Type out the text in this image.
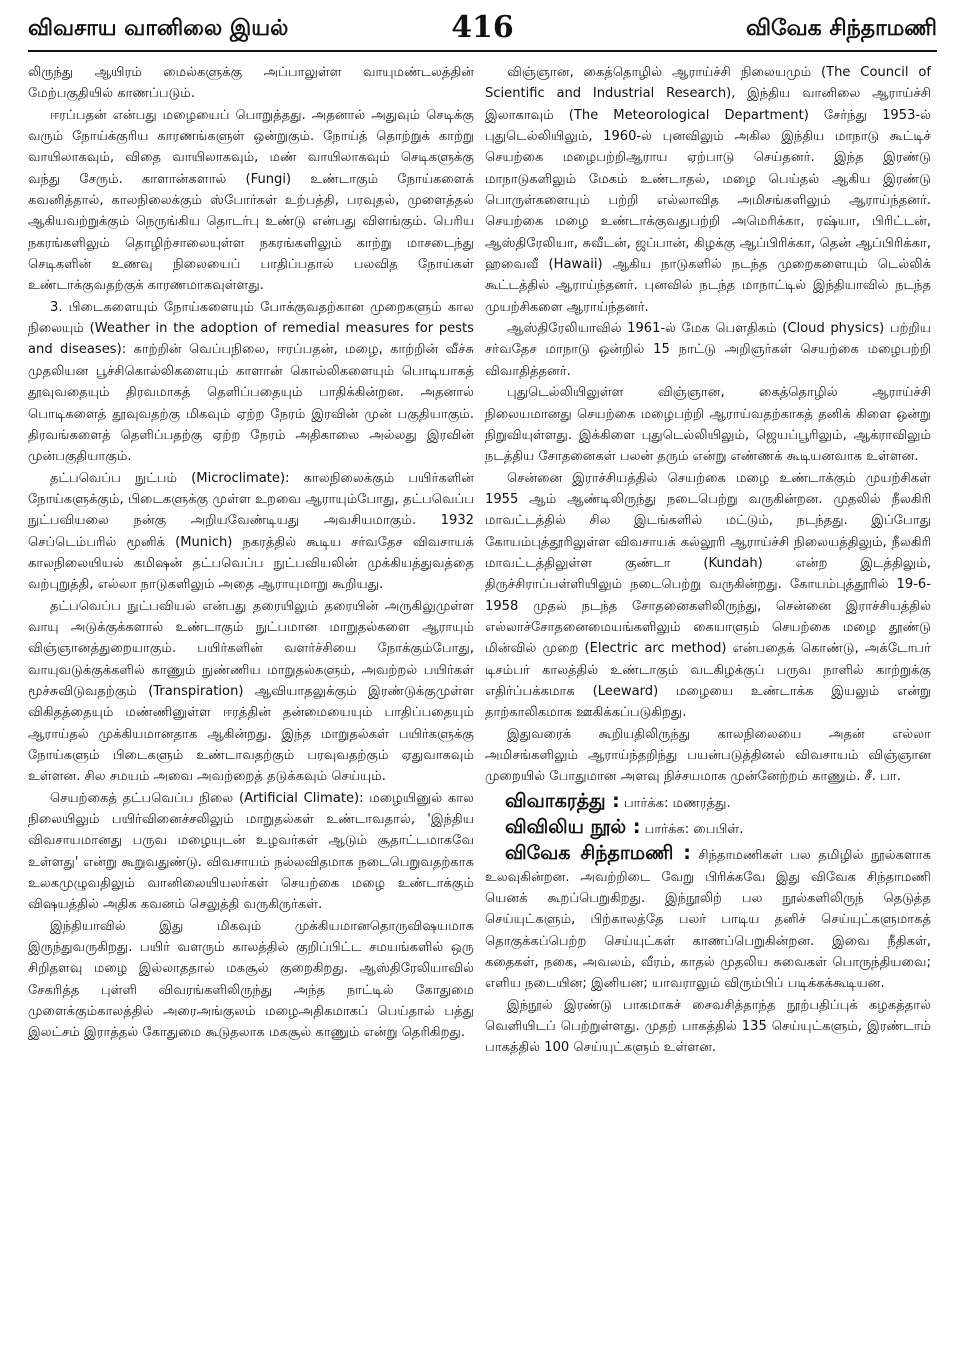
விவசாய வானிலை இயல்	416	விவேக சிந்தாமணி

லிருந்து ஆயிரம் மைல்களுக்கு அப்பாலுள்ள வாயுமண்டலத்தின் மேற்பகுதியில் காணப்படும்.

ஈரப்பதன் என்பது மழையைப் பொறுத்தது. அதனால் அதுவும் செடிக்கு வரும் நோய்க்குரிய காரணங்களுள் ஒன்றுகும். நோய்த் தொற்றுக் காற்று வாயிலாகவும், விதை வாயிலாகவும், மண் வாயிலாகவும் செடிகளுக்கு வந்து சேரும். காளான்களால் (Fungi) உண்டாகும் நோய்களைக் கவனித்தால், காலநிலைக்கும் ஸ்போர்கள் உற்பத்தி, பரவுதல், முளைத்தல் ஆகியவற்றுக்கும் நெருங்கிய தொடர்பு உண்டு என்பது விளங்கும். பெரிய நகரங்களிலும் தொழிற்சாலையுள்ள நகரங்களிலும் காற்று மாசடைந்து செடிகளின் உணவு நிலையைப் பாதிப்பதால் பலவித நோய்கள் உண்டாக்குவதற்குக் காரணமாகவுள்ளது.

3. பிடைகளையும் நோய்களையும் போக்குவதற்கான முறைகளும் கால நிலையும் (Weather in the adoption of remedial measures for pests and diseases): காற்றின் வெப்பநிலை, ஈரப்பதன், மழை, காற்றின் வீச்சு முதலியன பூச்சிகொல்லிகளையும் காளான் கொல்லிகளையும் பொடியாகத் தூவுவதையும் திரவமாகத் தெளிப்பதையும் பாதிக்கின்றன. அதனால் பொடிகளைத் தூவுவதற்கு மிகவும் ஏற்ற நேரம் இரவின் முன் பகுதியாகும். திரவங்களைத் தெளிப்பதற்கு ஏற்ற நேரம் அதிகாலை அல்லது இரவின் முன்பகுதியாகும்.

தட்பவெப்ப நுட்பம் (Microclimate): காலநிலைக்கும் பயிர்களின் நோய்களுக்கும், பிடைகளுக்கு முள்ள உறவை ஆராயும்போது, தட்பவெப்ப நுட்பவியலை நன்கு அறியவேண்டியது அவசியமாகும். 1932 செப்டெம்பரில் மூனிக் (Munich) நகரத்தில் கூடிய சர்வதேச விவசாயக் காலநிலையியல் கமிஷன் தட்பவெப்ப நுட்பவியலின் முக்கியத்துவத்தை வற்புறுத்தி, எல்லா நாடுகளிலும் அதை ஆராயுமாறு கூறியது.

தட்பவெப்ப நுட்பவியல் என்பது தரையிலும் தரையின் அருகிலுமுள்ள வாயு அடுக்குக்களால் உண்டாகும் நுட்பமான மாறுதல்களை ஆராயும் விஞ்ஞானத்துறையாகும். பயிர்களின் வளர்ச்சியை நோக்கும்போது, வாயுவடுக்குக்களில் காணும் நுண்ணிய மாறுதல்களும், அவற்றல் பயிர்கள் மூச்சுவிடுவதற்கும் (Transpiration) ஆவியாதலுக்கும் இரண்டுக்குமுள்ள விகிதத்தையும் மண்ணினுள்ள ஈரத்தின் தன்மையையும் பாதிப்பதையும் ஆராய்தல் முக்கியமானதாக ஆகின்றது. இந்த மாறுதல்கள் பயிர்களுக்கு நோய்களும் பிடைகளும் உண்டாவதற்கும் பரவுவதற்கும் ஏதுவாகவும் உள்ளன. சில சமயம் அவை அவற்றைத் தடுக்கவும் செய்யும்.

செயற்கைத் தட்பவெப்ப நிலை (Artificial Climate): மழையினுல் கால நிலையிலும் பயிர்வினைச்சலிலும் மாறுதல்கள் உண்டாவதால், 'இந்திய விவசாயமானது பருவ மழையுடன் உழவர்கள் ஆடும் சூதாட்டமாகவே உள்ளது' என்று கூறுவதுண்டு. விவசாயம் நல்லவிதமாக நடைபெறுவதற்காக உலகமுழுவதிலும் வானிலையியலர்கள் செயற்கை மழை உண்டாக்கும் விஷயத்தில் அதிக கவனம் செலுத்தி வருகிருர்கள்.

இந்தியாவில் இது மிகவும் முக்கியமானதொருவிஷயமாக இருந்துவருகிறது. பயிர் வளரும் காலத்தில் குறிப்பிட்ட சமயங்களில் ஒரு சிறிதளவு மழை இல்லாததால் மகசூல் குறைகிறது. ஆஸ்திரேலியாவில் சேகரித்த புள்ளி விவரங்களிலிருந்து அந்த நாட்டில் கோதுமை முளைக்கும்காலத்தில் அரைஅங்குலம் மழைஅதிகமாகப் பெய்தால் பத்து இலட்சம் இராத்தல் கோதுமை கூடுதலாக மகசூல் காணும் என்று தெரிகிறது.

விஞ்ஞான, கைத்தொழில் ஆராய்ச்சி நிலையமும் (The Council of Scientific and Industrial Research), இந்திய வானிலை ஆராய்ச்சி இலாகாவும் (The Meteorological Department) சேர்ந்து 1953-ல் புதுடெல்லியிலும், 1960-ல் புனவிலும் அகில இந்திய மாநாடு கூட்டிச் செயற்கை மழைபற்றிஆராய ஏற்பாடு செய்தனர். இந்த இரண்டு மாநாடுகளிலும் மேகம் உண்டாதல், மழை பெய்தல் ஆகிய இரண்டு பொருள்களையும் பற்றி எல்லாவித அமிசங்களிலும் ஆராய்ந்தனர். செயற்கை மழை உண்டாக்குவதுபற்றி அமெரிக்கா, ரஷ்யா, பிரிட்டன், ஆஸ்திரேலியா, சுவீடன், ஜப்பான், கிழக்கு ஆப்பிரிக்கா, தென் ஆப்பிரிக்கா, ஹவைவீ (Hawaii) ஆகிய நாடுகளில் நடந்த முறைகளையும் டெல்லிக் கூட்டத்தில் ஆராய்ந்தனர். புனவில் நடந்த மாநாட்டில் இந்தியாவில் நடந்த முயற்சிகளை ஆராய்ந்தனர்.

ஆஸ்திரேலியாவில் 1961-ல் மேக பௌதிகம் (Cloud physics) பற்றிய சர்வதேச மாநாடு ஒன்றில் 15 நாட்டு அறிஞர்கள் செயற்கை மழைபற்றி விவாதித்தனர்.

புதுடெல்லியிலுள்ள விஞ்ஞான, கைத்தொழில் ஆராய்ச்சி நிலையமானது செயற்கை மழைபற்றி ஆராய்வதற்காகத் தனிக் கிளை ஒன்று நிறுவியுள்ளது. இக்கிளை புதுடெல்லியிலும், ஜெயப்பூரிலும், ஆக்ராவிலும் நடத்திய சோதனைகள் பலன் தரும் என்று எண்ணக் கூடியனவாக உள்ளன.

சென்னை இராச்சியத்தில் செயற்கை மழை உண்டாக்கும் முயற்சிகள் 1955 ஆம் ஆண்டிலிருந்து நடைபெற்று வருகின்றன. முதலில் நீலகிரி மாவட்டத்தில் சில இடங்களில் மட்டும், நடந்தது. இப்போது கோயம்புத்தூரிலுள்ள விவசாயக் கல்லூரி ஆராய்ச்சி நிலையத்திலும், நீலகிரி மாவட்டத்திலுள்ள குண்டா (Kundah) என்ற இடத்திலும், திருச்சிராப்பள்ளியிலும் நடைபெற்று வருகின்றது. கோயம்புத்தூரில் 19-6-1958 முதல் நடந்த சோதனைகளிலிருந்து, சென்னை இராச்சியத்தில் எல்லாச்சோதனைமையங்களிலும் கையாளும் செயற்கை மழை தூண்டு மின்வில் முறை (Electric arc method) என்பதைக் கொண்டு, அக்டோபர் டிசம்பர் காலத்தில் உண்டாகும் வடகிழக்குப் பருவ நாளில் காற்றுக்கு எதிர்ப்பக்கமாக (Leeward) மழையை உண்டாக்க இயலும் என்று தாற்காலிகமாக ஊகிக்கப்படுகிறது.

இதுவரைக் கூறியதிலிருந்து காலநிலையை அதன் எல்லா அமிசங்களிலும் ஆராய்ந்தறிந்து பயன்படுத்தினல் விவசாயம் விஞ்ஞான முறையில் போதுமான அளவு நிச்சயமாக முன்னேற்றம் காணும். சீ. பா.

விவாகரத்து : பார்க்க: மணரத்து.
விவிலிய நூல் : பார்க்க: பைபிள்.
விவேக சிந்தாமணி : சிந்தாமணிகள் பல தமிழில் நூல்களாக உலவுகின்றன. அவற்றிடை வேறு பிரிக்கவே இது விவேக சிந்தாமணி யெனக் கூறப்பெறுகிறது. இந்நூலிற் பல நூல்களிலிருந் தெடுத்த செய்யுட்களும், பிற்காலத்தே பலர் பாடிய தனிச் செய்யுட்களுமாகத் தொகுக்கப்பெற்ற செய்யுட்கள் காணப்பெறுகின்றன. இவை நீதிகள், கதைகள், நகை, அவலம், வீரம், காதல் முதலிய சுவைகள் பொருந்தியவை; எளிய நடையின; இனியன; யாவராலும் விரும்பிப் படிக்கக்கூடியன.

இந்நூல் இரண்டு பாகமாகச் சைவசித்தாந்த நூற்பதிப்புக் கழகத்தால் வெளியிடப் பெற்றுள்ளது. முதற் பாகத்தில் 135 செய்யுட்களும், இரண்டாம் பாகத்தில் 100 செய்யுட்களும் உள்ளன.
